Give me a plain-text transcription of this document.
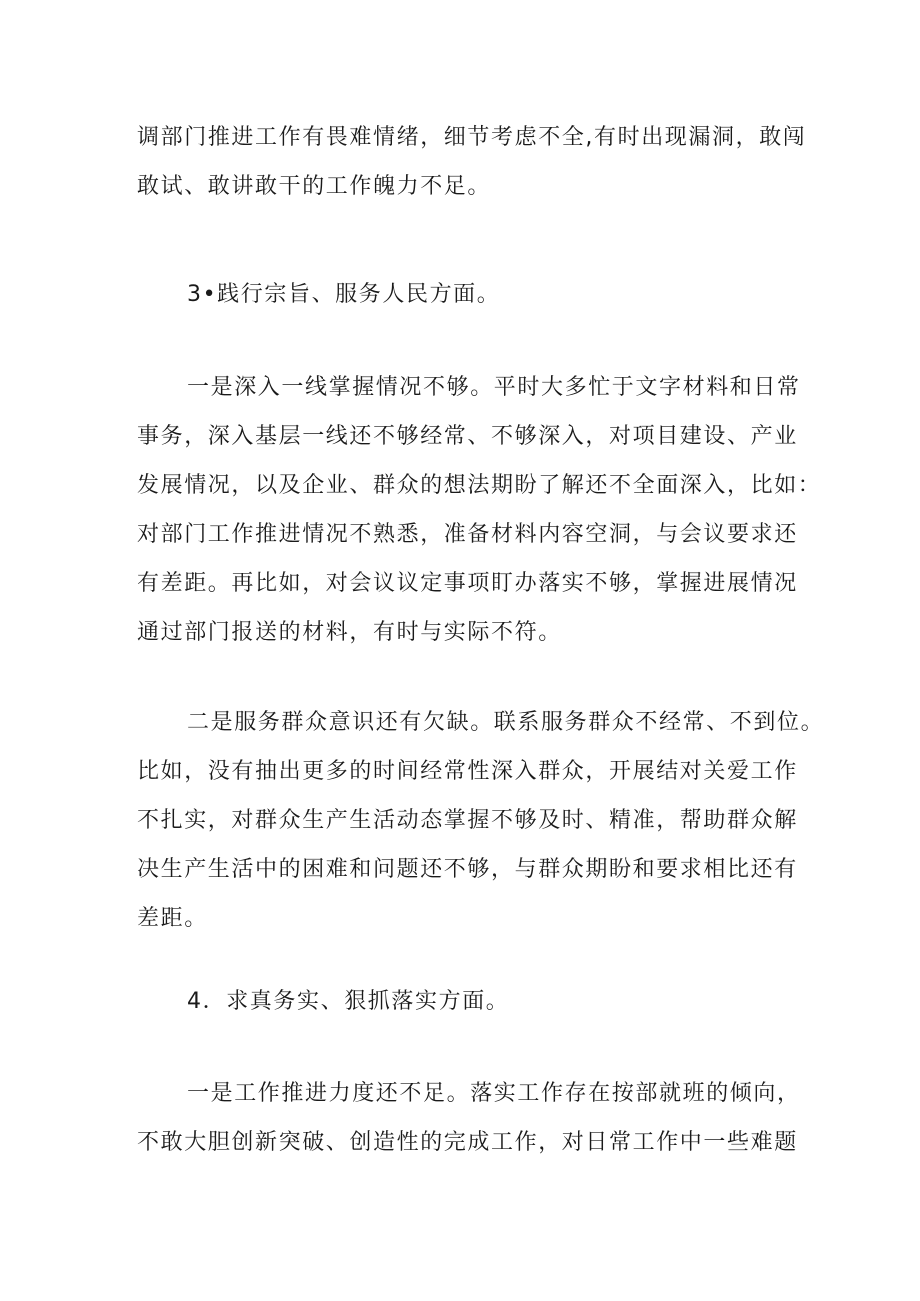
调部门推进工作有畏难情绪，细节考虑不全,有时出现漏洞，敢闯
敢试、敢讲敢干的工作魄力不足。
3•践行宗旨、服务人民方面。
一是深入一线掌握情况不够。平时大多忙于文字材料和日常
事务，深入基层一线还不够经常、不够深入，对项目建设、产业
发展情况，以及企业、群众的想法期盼了解还不全面深入，比如：
对部门工作推进情况不熟悉，准备材料内容空洞，与会议要求还
有差距。再比如，对会议议定事项盯办落实不够，掌握进展情况
通过部门报送的材料，有时与实际不符。
二是服务群众意识还有欠缺。联系服务群众不经常、不到位。
比如，没有抽出更多的时间经常性深入群众，开展结对关爱工作
不扎实，对群众生产生活动态掌握不够及时、精准，帮助群众解
决生产生活中的困难和问题还不够，与群众期盼和要求相比还有
差距。
4．求真务实、狠抓落实方面。
一是工作推进力度还不足。落实工作存在按部就班的倾向，
不敢大胆创新突破、创造性的完成工作，对日常工作中一些难题
